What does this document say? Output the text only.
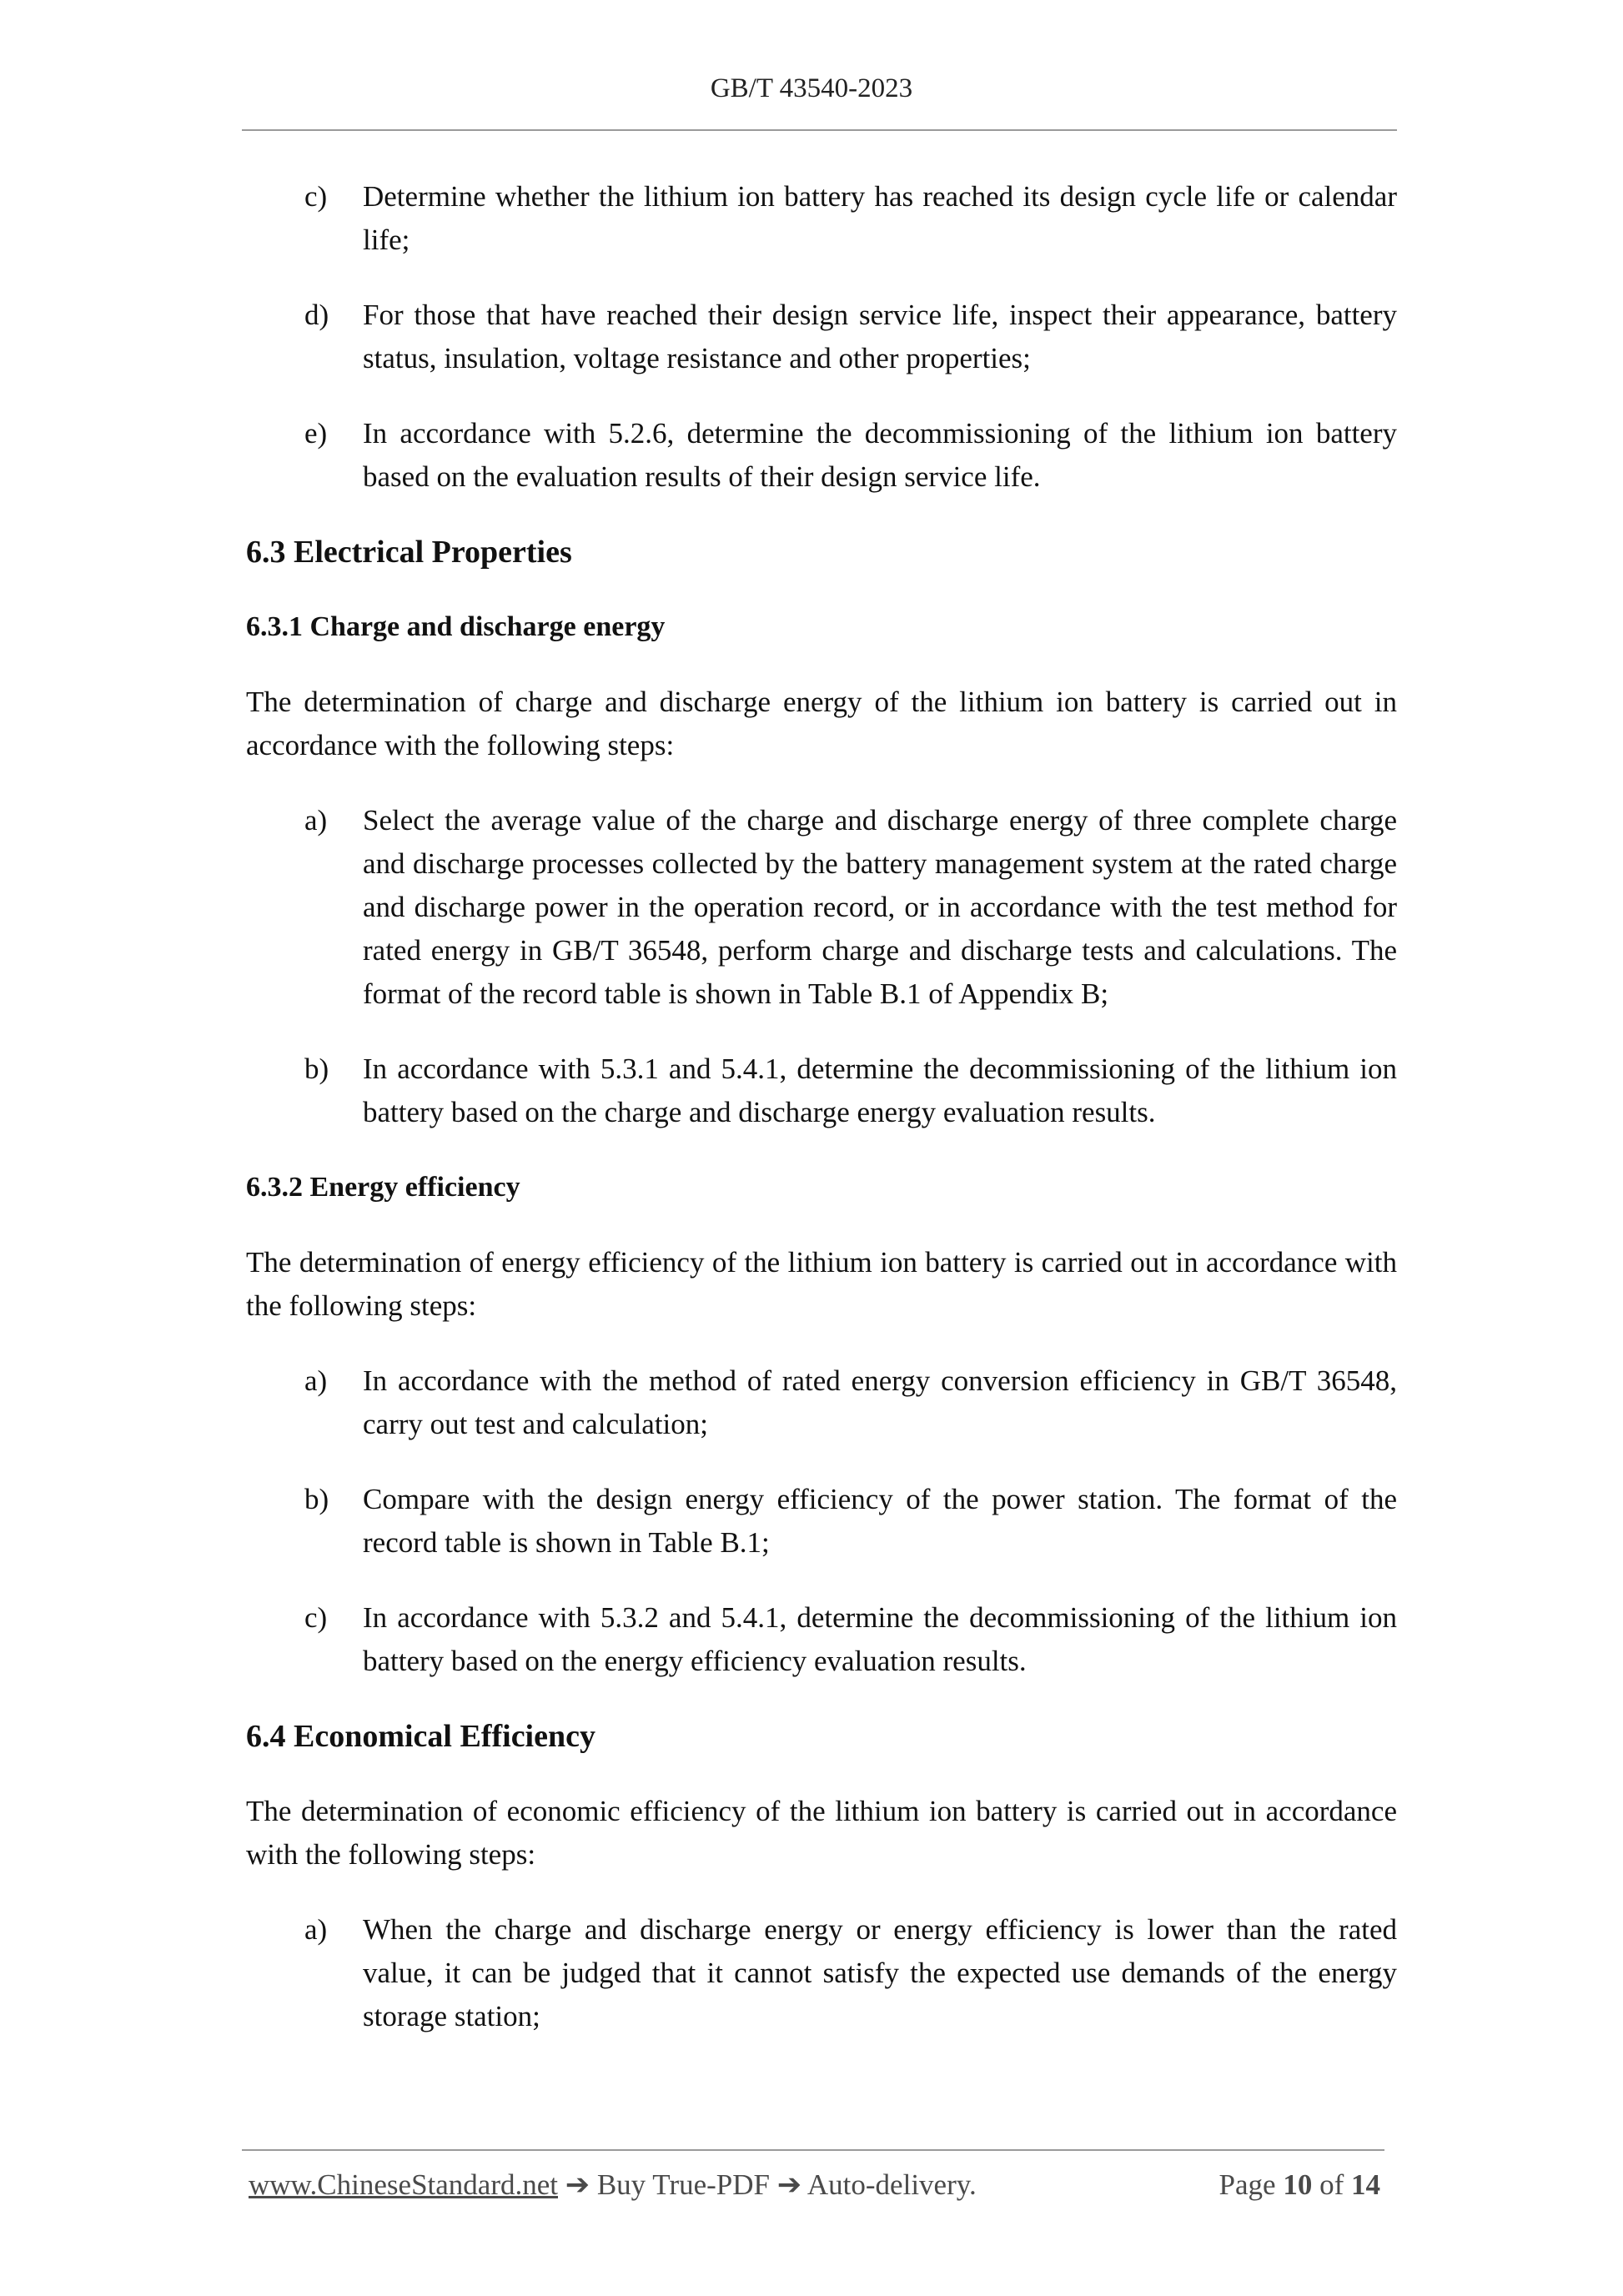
GB/T 43540-2023
c) Determine whether the lithium ion battery has reached its design cycle life or calendar life;
d) For those that have reached their design service life, inspect their appearance, battery status, insulation, voltage resistance and other properties;
e) In accordance with 5.2.6, determine the decommissioning of the lithium ion battery based on the evaluation results of their design service life.
6.3 Electrical Properties
6.3.1 Charge and discharge energy
The determination of charge and discharge energy of the lithium ion battery is carried out in accordance with the following steps:
a) Select the average value of the charge and discharge energy of three complete charge and discharge processes collected by the battery management system at the rated charge and discharge power in the operation record, or in accordance with the test method for rated energy in GB/T 36548, perform charge and discharge tests and calculations. The format of the record table is shown in Table B.1 of Appendix B;
b) In accordance with 5.3.1 and 5.4.1, determine the decommissioning of the lithium ion battery based on the charge and discharge energy evaluation results.
6.3.2 Energy efficiency
The determination of energy efficiency of the lithium ion battery is carried out in accordance with the following steps:
a) In accordance with the method of rated energy conversion efficiency in GB/T 36548, carry out test and calculation;
b) Compare with the design energy efficiency of the power station. The format of the record table is shown in Table B.1;
c) In accordance with 5.3.2 and 5.4.1, determine the decommissioning of the lithium ion battery based on the energy efficiency evaluation results.
6.4 Economical Efficiency
The determination of economic efficiency of the lithium ion battery is carried out in accordance with the following steps:
a) When the charge and discharge energy or energy efficiency is lower than the rated value, it can be judged that it cannot satisfy the expected use demands of the energy storage station;
www.ChineseStandard.net ➔ Buy True-PDF ➔ Auto-delivery.	Page 10 of 14
